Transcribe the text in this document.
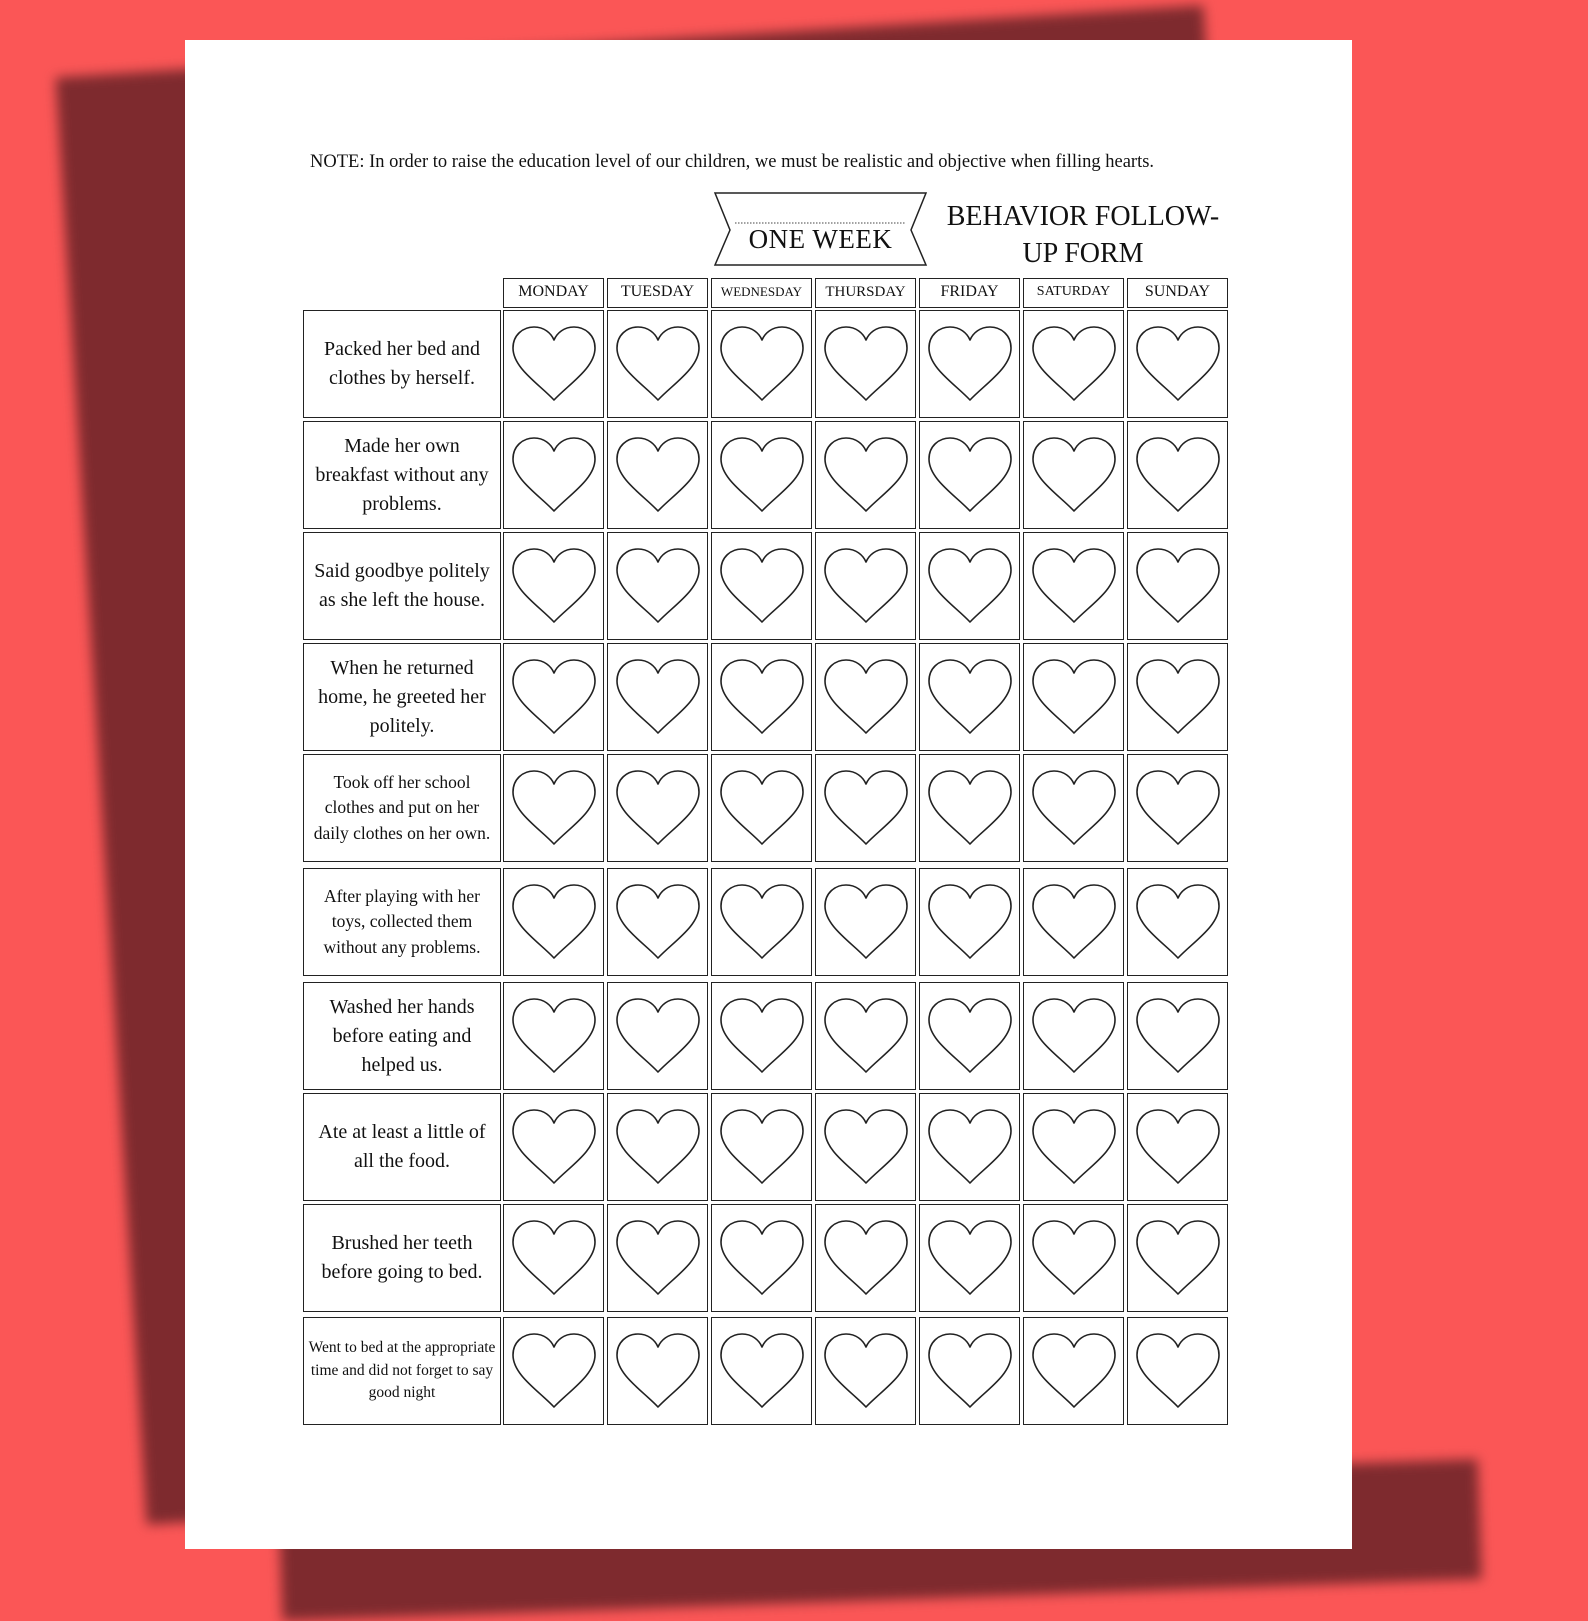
NOTE: In order to raise the education level of our children, we must be realistic and objective when filling hearts.
ONE WEEK
BEHAVIOR FOLLOW-
UP FORM
MONDAY	TUESDAY	WEDNESDAY	THURSDAY	FRIDAY	SATURDAY	SUNDAY
Packed her bed and clothes by herself.
Made her own breakfast without any problems.
Said goodbye politely as she left the house.
When he returned home, he greeted her politely.
Took off her school clothes and put on her daily clothes on her own.
After playing with her toys, collected them without any problems.
Washed her hands before eating and helped us.
Ate at least a little of all the food.
Brushed her teeth before going to bed.
Went to bed at the appropriate time and did not forget to say good night
